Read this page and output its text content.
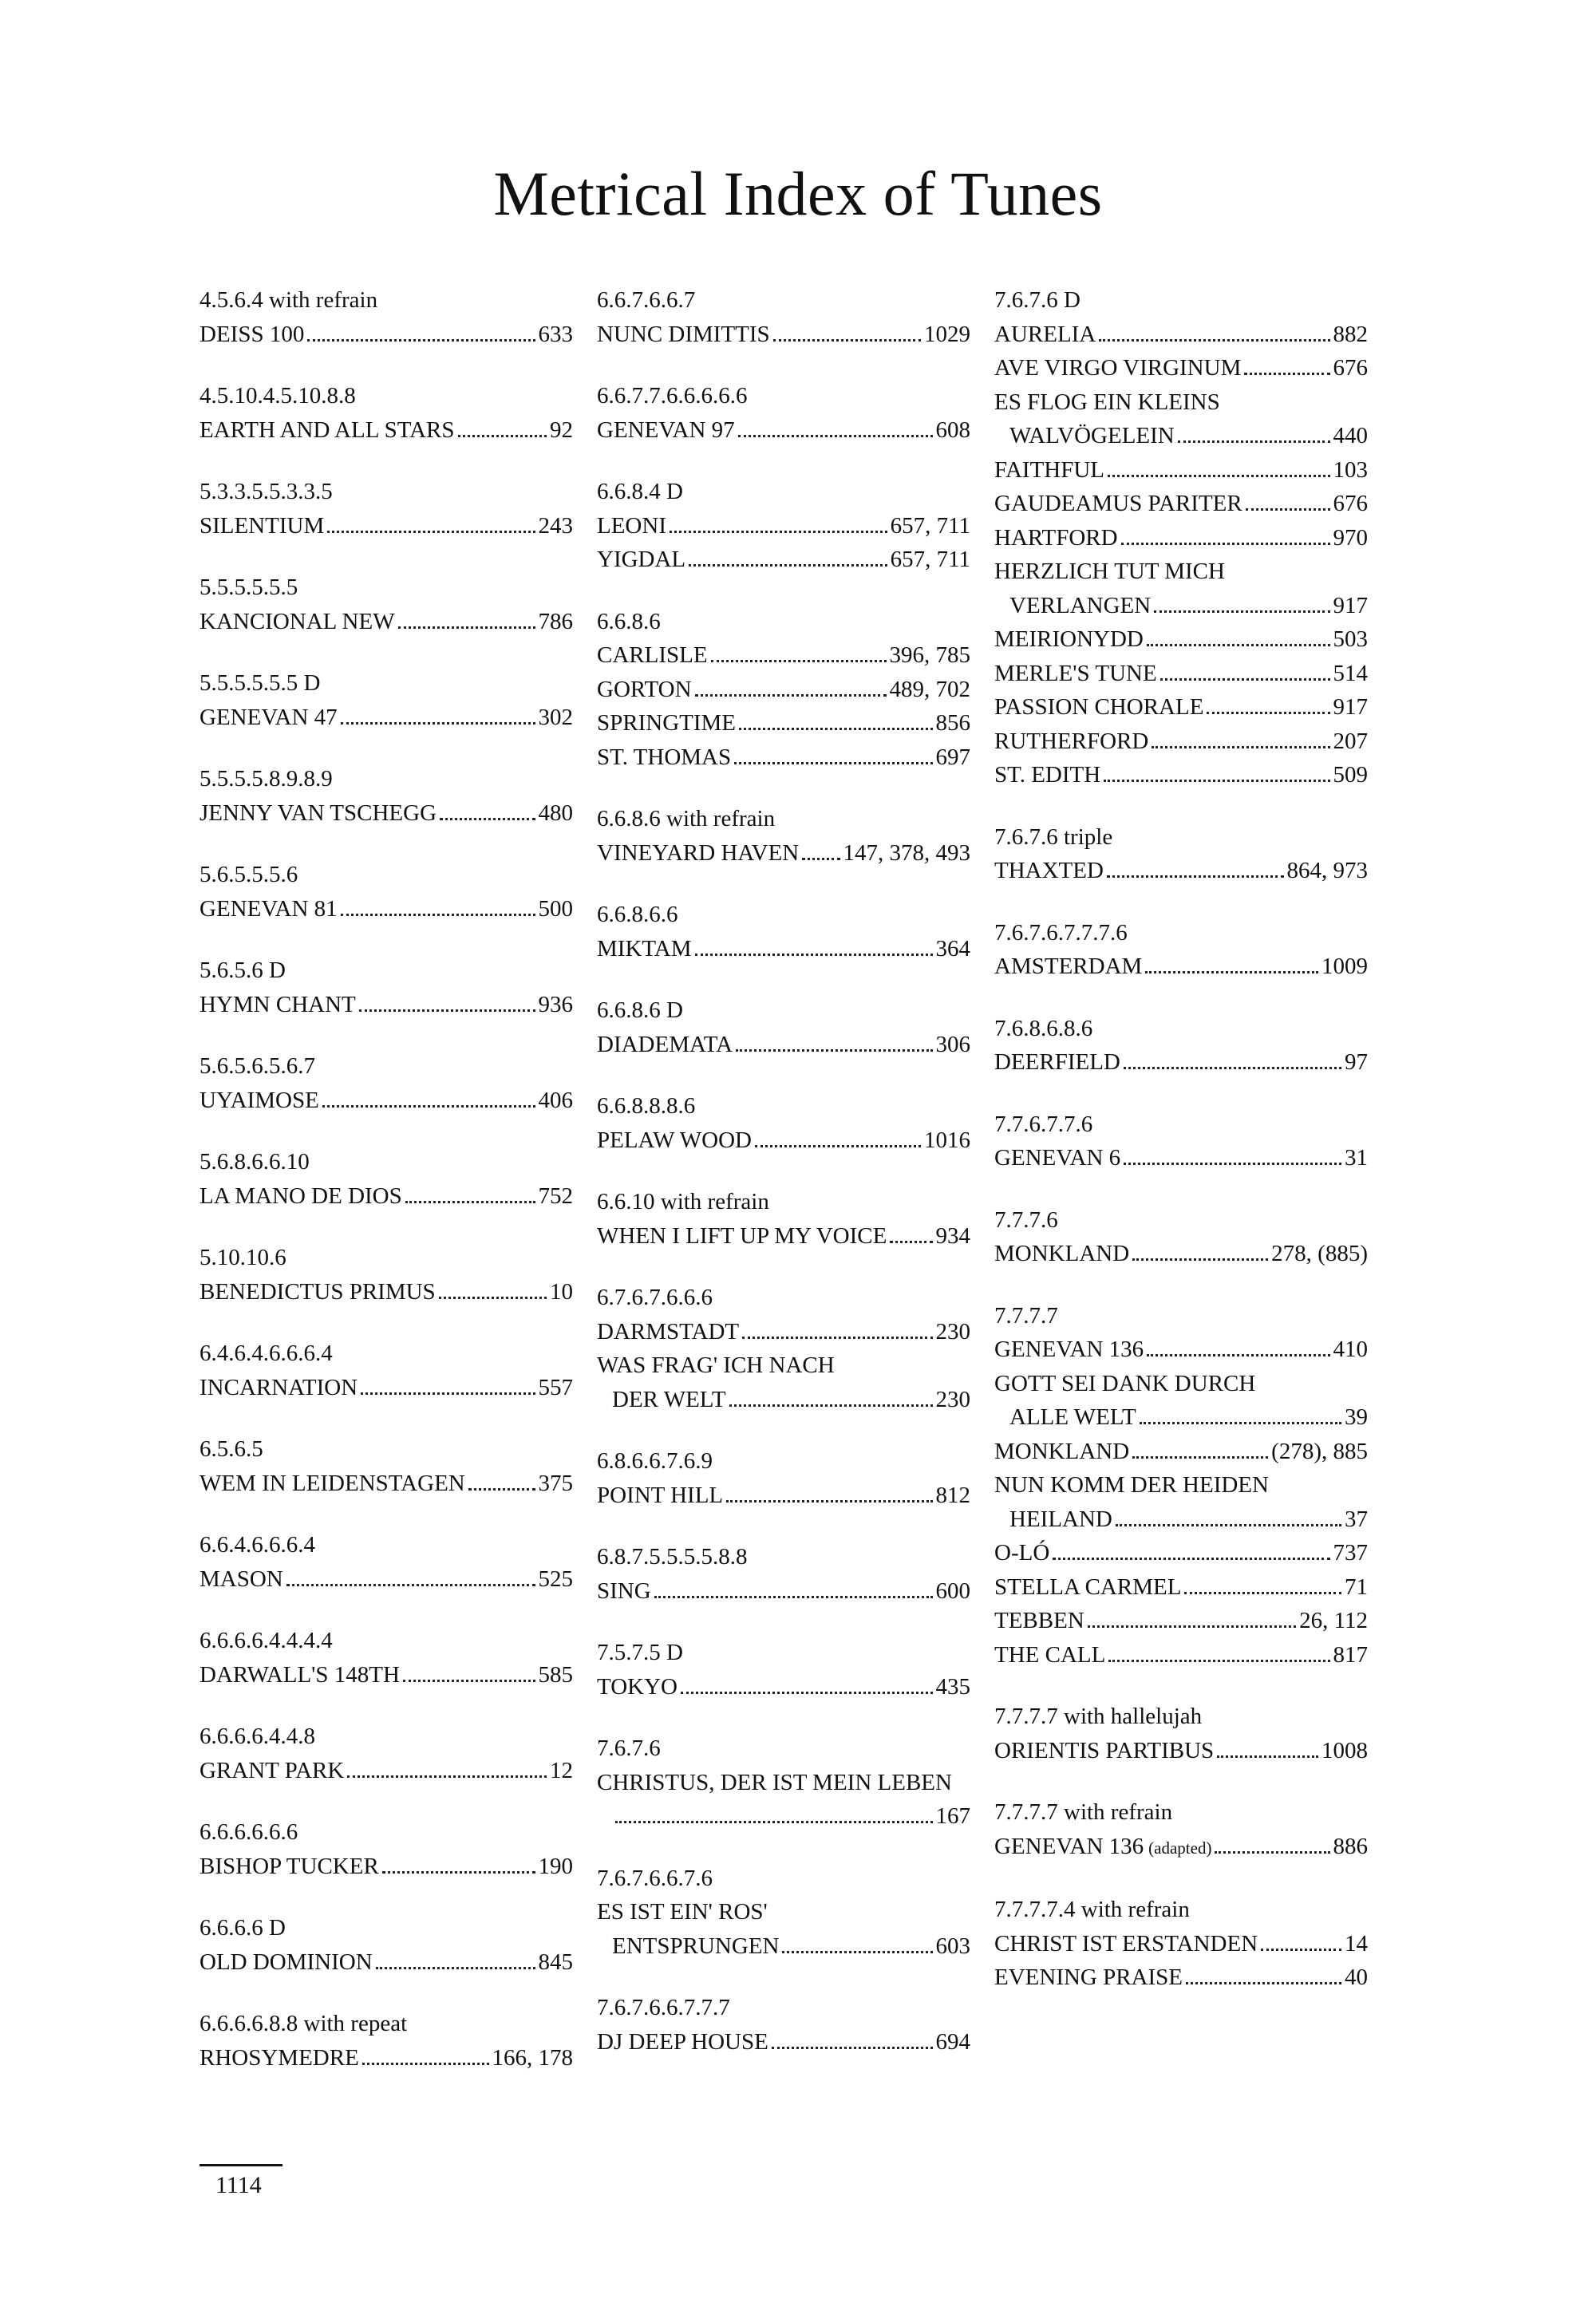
Metrical Index of Tunes
4.5.6.4 with refrain
DEISS 100	633
4.5.10.4.5.10.8.8
EARTH AND ALL STARS	92
5.3.3.5.5.3.3.5
SILENTIUM	243
5.5.5.5.5.5
KANCIONAL NEW	786
5.5.5.5.5.5 D
GENEVAN 47	302
5.5.5.5.8.9.8.9
JENNY VAN TSCHEGG	480
5.6.5.5.5.6
GENEVAN 81	500
5.6.5.6 D
HYMN CHANT	936
5.6.5.6.5.6.7
UYAIMOSE	406
5.6.8.6.6.10
LA MANO DE DIOS	752
5.10.10.6
BENEDICTUS PRIMUS	10
6.4.6.4.6.6.6.4
INCARNATION	557
6.5.6.5
WEM IN LEIDENSTAGEN	375
6.6.4.6.6.6.4
MASON	525
6.6.6.6.4.4.4.4
DARWALL'S 148TH	585
6.6.6.6.4.4.8
GRANT PARK	12
6.6.6.6.6.6
BISHOP TUCKER	190
6.6.6.6 D
OLD DOMINION	845
6.6.6.6.8.8 with repeat
RHOSYMEDRE	166, 178
6.6.7.6.6.7
NUNC DIMITTIS	1029
6.6.7.7.6.6.6.6.6
GENEVAN 97	608
6.6.8.4 D
LEONI	657, 711
YIGDAL	657, 711
6.6.8.6
CARLISLE	396, 785
GORTON	489, 702
SPRINGTIME	856
ST. THOMAS	697
6.6.8.6 with refrain
VINEYARD HAVEN 147, 378, 493
6.6.8.6.6
MIKTAM	364
6.6.8.6 D
DIADEMATA	306
6.6.8.8.8.6
PELAW WOOD	1016
6.6.10 with refrain
WHEN I LIFT UP MY VOICE 934
6.7.6.7.6.6.6
DARMSTADT	230
WAS FRAG' ICH NACH
DER WELT	230
6.8.6.6.7.6.9
POINT HILL	812
6.8.7.5.5.5.5.8.8
SING	600
7.5.7.5 D
TOKYO	435
7.6.7.6
CHRISTUS, DER IST MEIN LEBEN
167
7.6.7.6.6.7.6
ES IST EIN' ROS'
ENTSPRUNGEN	603
7.6.7.6.6.7.7.7
DJ DEEP HOUSE	694
7.6.7.6 D
AURELIA	882
AVE VIRGO VIRGINUM	676
ES FLOG EIN KLEINS
WALVÖGELEIN	440
FAITHFUL	103
GAUDEAMUS PARITER	676
HARTFORD	970
HERZLICH TUT MICH
VERLANGEN	917
MEIRIONYDD	503
MERLE'S TUNE	514
PASSION CHORALE	917
RUTHERFORD	207
ST. EDITH	509
7.6.7.6 triple
THAXTED	864, 973
7.6.7.6.7.7.7.6
AMSTERDAM	1009
7.6.8.6.8.6
DEERFIELD	97
7.7.6.7.7.6
GENEVAN 6	31
7.7.7.6
MONKLAND	278, (885)
7.7.7.7
GENEVAN 136	410
GOTT SEI DANK DURCH
ALLE WELT	39
MONKLAND	(278), 885
NUN KOMM DER HEIDEN
HEILAND	37
O-LÓ	737
STELLA CARMEL	71
TEBBEN	26, 112
THE CALL	817
7.7.7.7 with hallelujah
ORIENTIS PARTIBUS	1008
7.7.7.7 with refrain
GENEVAN 136 (adapted)	886
7.7.7.7.4 with refrain
CHRIST IST ERSTANDEN	14
EVENING PRAISE	40
1114
